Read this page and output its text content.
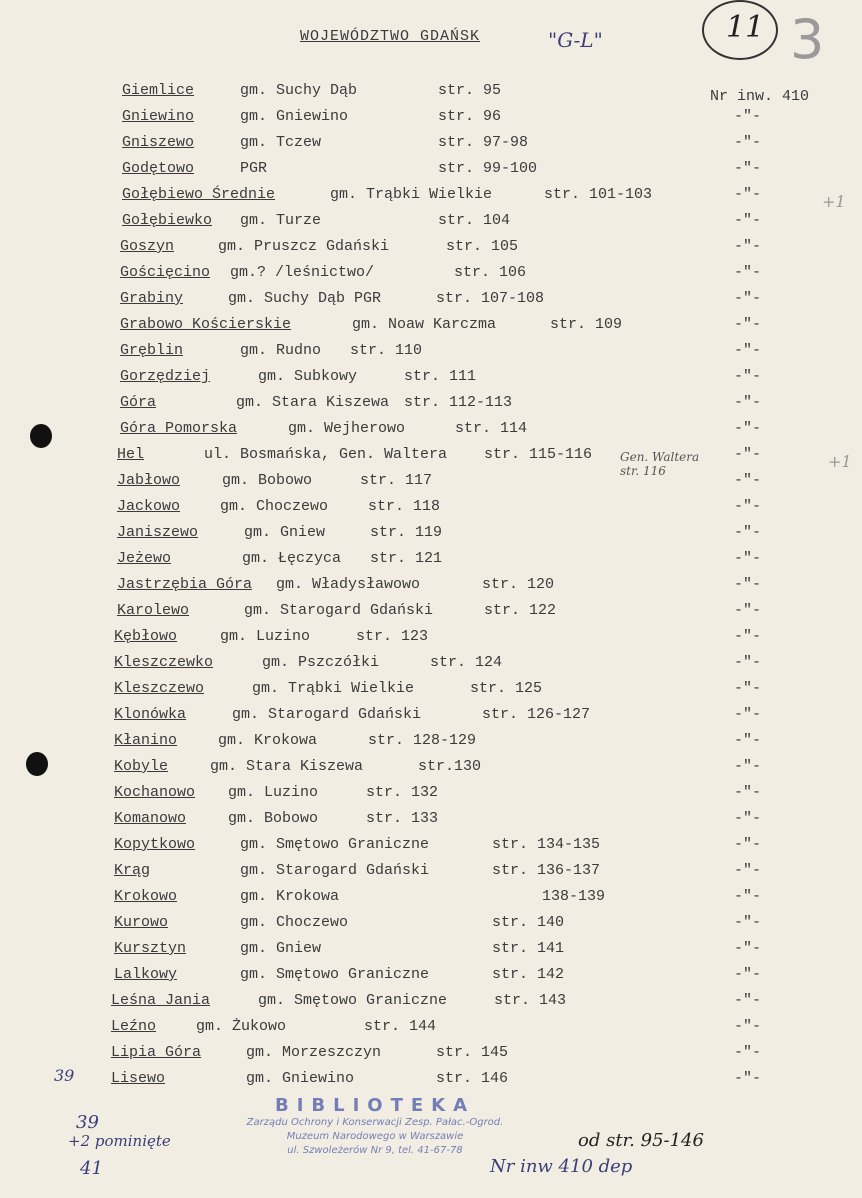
WOJEWÓDZTWO GDAŃSK	"G-L"	11 3
Nr inw. 410
Giemlice	gm. Suchy Dąb	str. 95
Gniewino	gm. Gniewino	str. 96	-"-
Gniszewo	gm. Tczew	str. 97-98	-"-
Godętowo	PGR	str. 99-100	-"-
Gołębiewo Średnie	gm. Trąbki Wielkie	str. 101-103	-"-
Gołębiewko gm. Turze	str. 104	-"-
Goszyn	gm. Pruszcz Gdański	str. 105	-"-
Gościęcino gm.? /leśnictwo/	str. 106	-"-
Grabiny	gm. Suchy Dąb PGR	str. 107-108	-"-
Grabowo Kościerskie	gm. Noaw Karczma	str. 109	-"-
Gręblin	gm. Rudno str. 110	-"-
Gorzędziej	gm. Subkowy	str. 111	-"-
Góra	gm. Stara Kiszewa str. 112-113	-"-
Góra Pomorska	gm. Wejherowo	str. 114	-"-
Hel	ul. Bosmańska, Gen. Waltera str. 115-116	-"-
Jabłowo	gm. Bobowo	str. 117	-"-
Jackowo	gm. Choczewo	str. 118	-"-
Janiszewo	gm. Gniew	str. 119	-"-
Jeżewo	gm. Łęczyca str. 121	-"-
Jastrzębia Góra gm. Władysławowo	str. 120	-"-
Karolewo	gm. Starogard Gdański	str. 122	-"-
Kębłowo	gm. Luzino	str. 123	-"-
Kleszczewko	gm. Pszczółki	str. 124	-"-
Kleszczewo	gm. Trąbki Wielkie	str. 125	-"-
Klonówka	gm. Starogard Gdański	str. 126-127	-"-
Kłanino	gm. Krokowa	str. 128-129	-"-
Kobyle	gm. Stara Kiszewa	str.130	-"-
Kochanowo gm. Luzino	str. 132	-"-
Komanowo	gm. Bobowo	str. 133	-"-
Kopytkowo	gm. Smętowo Graniczne	str. 134-135	-"-
Krąg	gm. Starogard Gdański	str. 136-137	-"-
Krokowo	gm. Krokowa	138-139	-"-
Kurowo	gm. Choczewo	str. 140	-"-
Kursztyn	gm. Gniew	str. 141	-"-
Lalkowy	gm. Smętowo Graniczne	str. 142	-"-
Leśna Jania	gm. Smętowo Graniczne	str. 143	-"-
Leźno	gm. Żukowo	str. 144	-"-
Lipia Góra	gm. Morzeszczyn	str. 145	-"-
Lisewo	gm. Gniewino	str. 146	-"-
+1
+1
Gen. Waltera str. 116
39
39
+2 pominięte
41
od str. 95-146
Nr inw 410 dep
BIBLIOTEKA
Zarządu Ochrony i Konserwacji Zesp. Pałac.-Ogrod.
Muzeum Narodowego w Warszawie
ul. Szwoleżerów Nr 9, tel. 41-67-78
